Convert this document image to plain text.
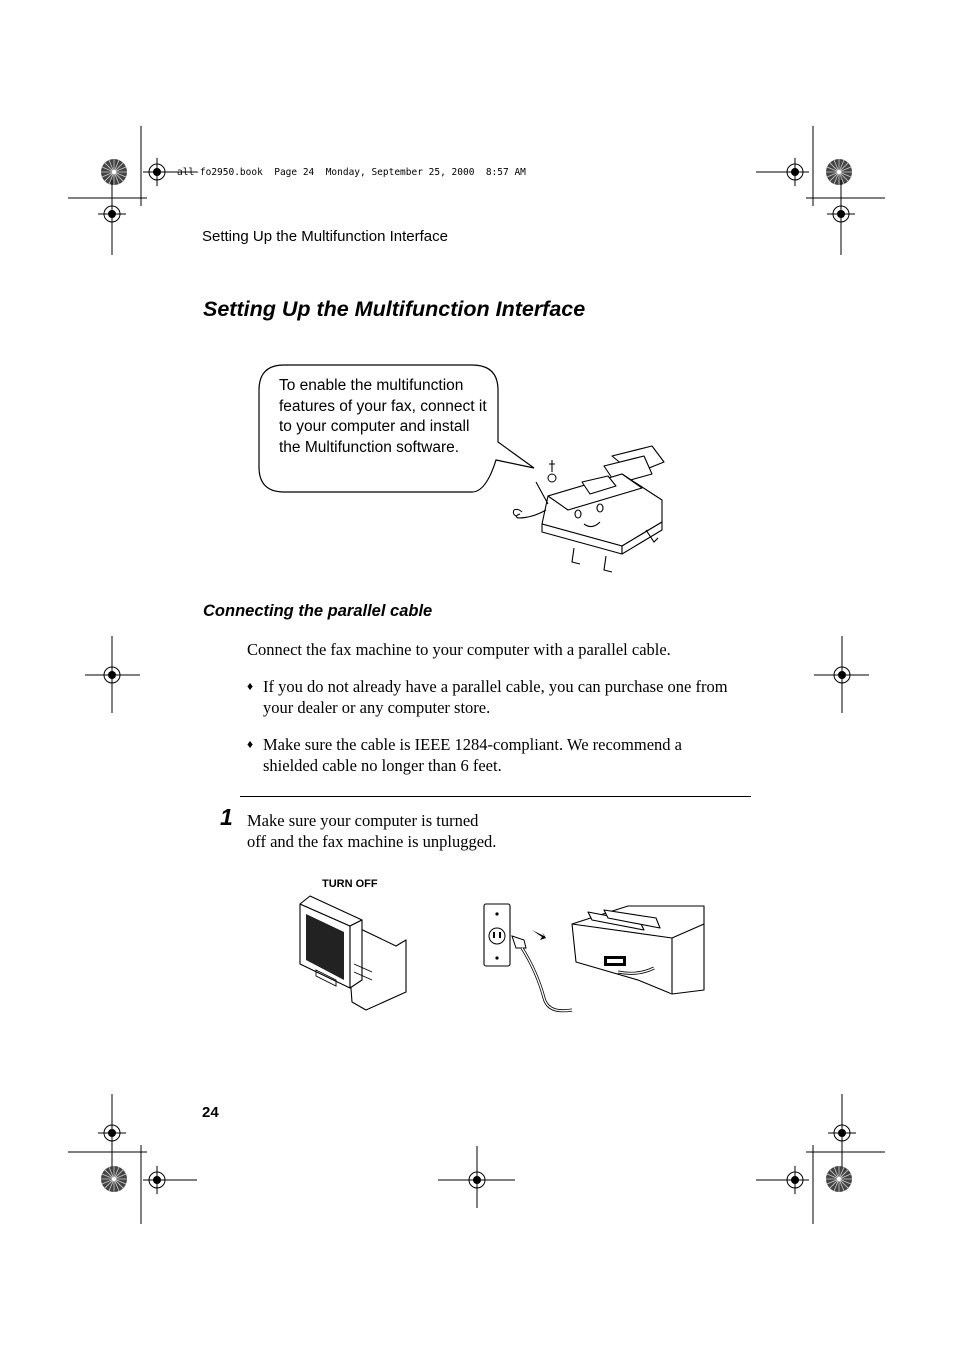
all-fo2950.book  Page 24  Monday, September 25, 2000  8:57 AM
Setting Up the Multifunction Interface
Setting Up the Multifunction Interface
To enable the multifunction features of your fax, connect it to your computer and install the Multifunction software.
Connecting the parallel cable
Connect the fax machine to your computer with a parallel cable.
♦ If you do not already have a parallel cable, you can purchase one from your dealer or any computer store.
♦ Make sure the cable is IEEE 1284-compliant. We recommend a shielded cable no longer than 6 feet.
1 Make sure your computer is turned
off and the fax machine is unplugged.
TURN OFF
24
